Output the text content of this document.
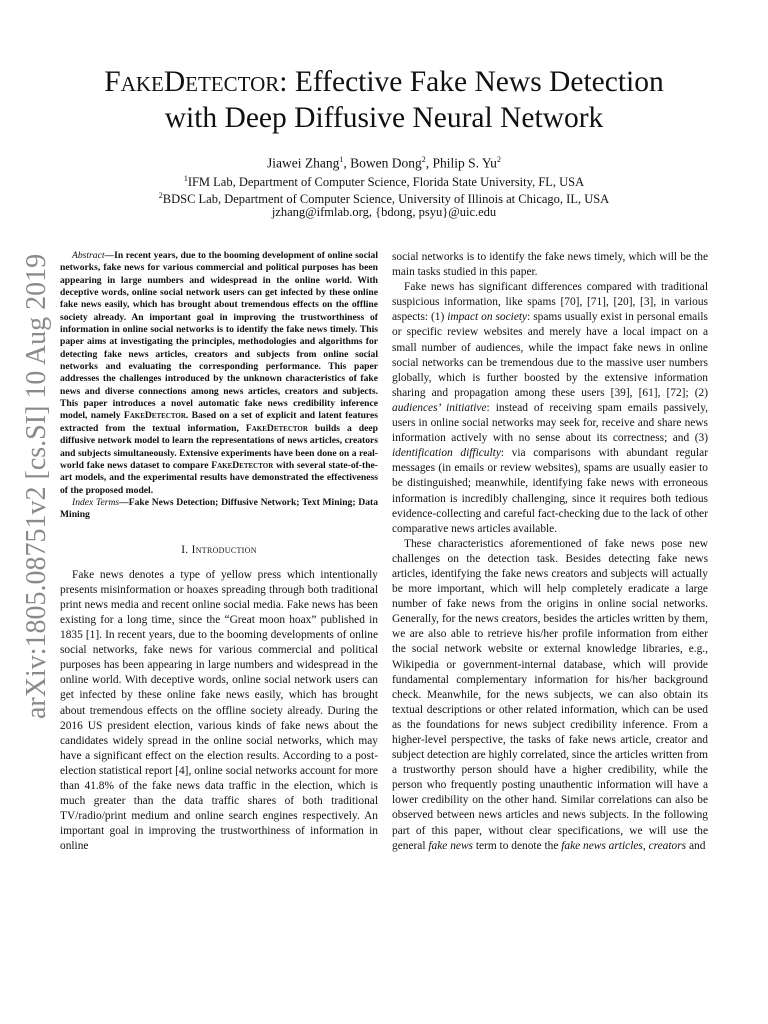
arXiv:1805.08751v2 [cs.SI] 10 Aug 2019
FakeDetector: Effective Fake News Detection
with Deep Diffusive Neural Network
Jiawei Zhang$^1$, Bowen Dong$^2$, Philip S. Yu$^2$
$^1$IFM Lab, Department of Computer Science, Florida State University, FL, USA
$^2$BDSC Lab, Department of Computer Science, University of Illinois at Chicago, IL, USA
jzhang@ifmlab.org, {bdong, psyu}@uic.edu

Abstract—In recent years, due to the booming development of online social networks, fake news for various commercial and political purposes has been appearing in large numbers and widespread in the online world. With deceptive words, online social network users can get infected by these online fake news easily, which has brought about tremendous effects on the offline society already. An important goal in improving the trustworthiness of information in online social networks is to identify the fake news timely. This paper aims at investigating the principles, methodologies and algorithms for detecting fake news articles, creators and subjects from online social networks and evaluating the corresponding performance. This paper addresses the challenges introduced by the unknown characteristics of fake news and diverse connections among news articles, creators and subjects. This paper introduces a novel automatic fake news credibility inference model, namely FakeDetector. Based on a set of explicit and latent features extracted from the textual information, FakeDetector builds a deep diffusive network model to learn the representations of news articles, creators and subjects simultaneously. Extensive experiments have been done on a real-world fake news dataset to compare FakeDetector with several state-of-the-art models, and the experimental results have demonstrated the effectiveness of the proposed model.

Index Terms—Fake News Detection; Diffusive Network; Text Mining; Data Mining

I. Introduction

Fake news denotes a type of yellow press which intentionally presents misinformation or hoaxes spreading through both traditional print news media and recent online social media. Fake news has been existing for a long time, since the “Great moon hoax” published in 1835 [1]. In recent years, due to the booming developments of online social networks, fake news for various commercial and political purposes has been appearing in large numbers and widespread in the online world. With deceptive words, online social network users can get infected by these online fake news easily, which has brought about tremendous effects on the offline society already. During the 2016 US president election, various kinds of fake news about the candidates widely spread in the online social networks, which may have a significant effect on the election results. According to a post-election statistical report [4], online social networks account for more than 41.8% of the fake news data traffic in the election, which is much greater than the data traffic shares of both traditional TV/radio/print medium and online search engines respectively. An important goal in improving the trustworthiness of information in online

social networks is to identify the fake news timely, which will be the main tasks studied in this paper.

Fake news has significant differences compared with traditional suspicious information, like spams [70], [71], [20], [3], in various aspects: (1) impact on society: spams usually exist in personal emails or specific review websites and merely have a local impact on a small number of audiences, while the impact fake news in online social networks can be tremendous due to the massive user numbers globally, which is further boosted by the extensive information sharing and propagation among these users [39], [61], [72]; (2) audiences’ initiative: instead of receiving spam emails passively, users in online social networks may seek for, receive and share news information actively with no sense about its correctness; and (3) identification difficulty: via comparisons with abundant regular messages (in emails or review websites), spams are usually easier to be distinguished; meanwhile, identifying fake news with erroneous information is incredibly challenging, since it requires both tedious evidence-collecting and careful fact-checking due to the lack of other comparative news articles available.

These characteristics aforementioned of fake news pose new challenges on the detection task. Besides detecting fake news articles, identifying the fake news creators and subjects will actually be more important, which will help completely eradicate a large number of fake news from the origins in online social networks. Generally, for the news creators, besides the articles written by them, we are also able to retrieve his/her profile information from either the social network website or external knowledge libraries, e.g., Wikipedia or government-internal database, which will provide fundamental complementary information for his/her background check. Meanwhile, for the news subjects, we can also obtain its textual descriptions or other related information, which can be used as the foundations for news subject credibility inference. From a higher-level perspective, the tasks of fake news article, creator and subject detection are highly correlated, since the articles written from a trustworthy person should have a higher credibility, while the person who frequently posting unauthentic information will have a lower credibility on the other hand. Similar correlations can also be observed between news articles and news subjects. In the following part of this paper, without clear specifications, we will use the general fake news term to denote the fake news articles, creators and
